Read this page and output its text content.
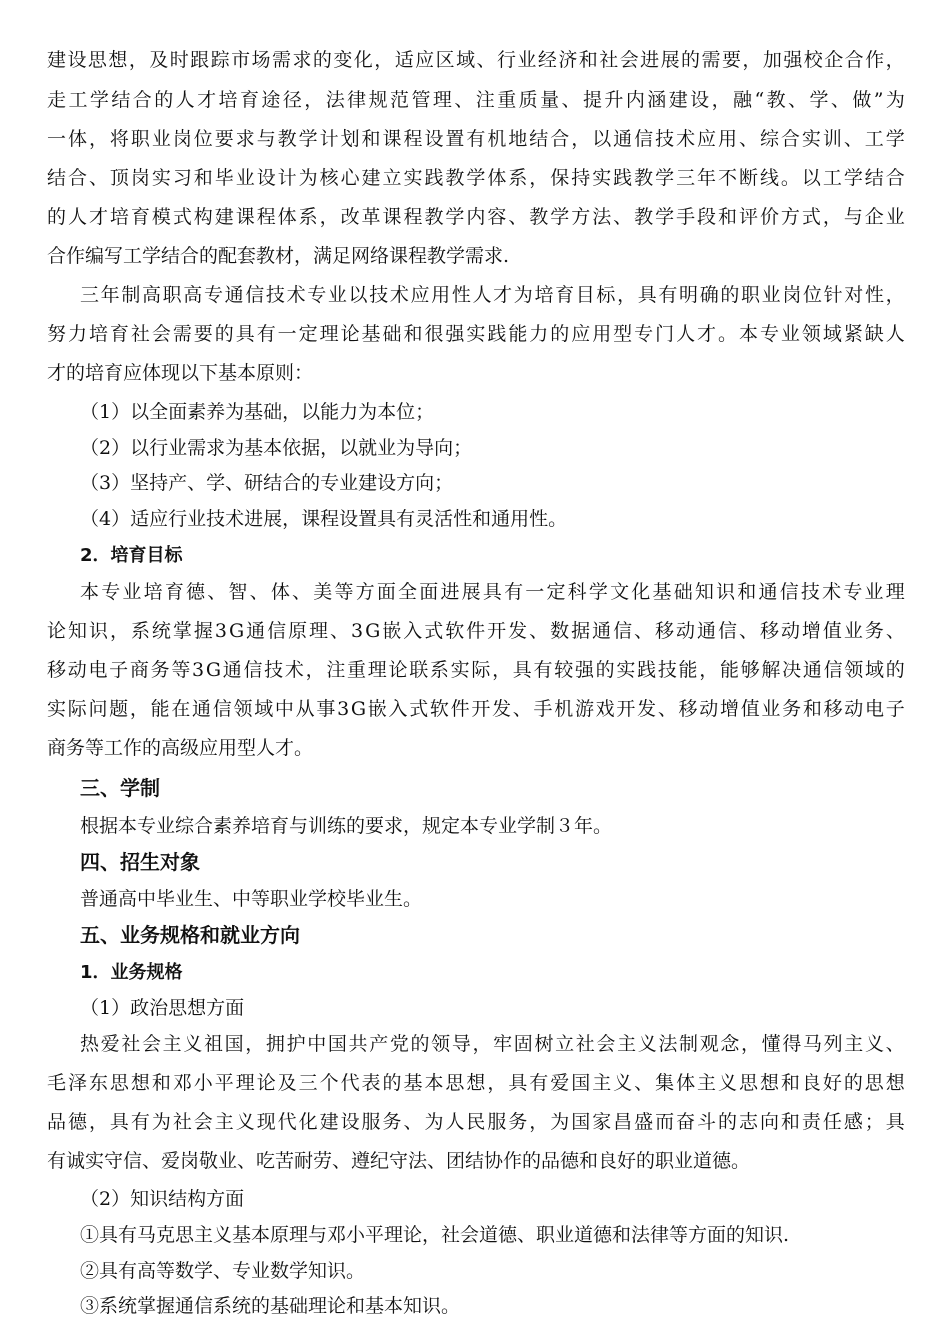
建 设 思 想 ， 及 时 跟 踪 市 场 需 求 的 变 化 ， 适 应 区 域 、 行 业 经 济 和 社 会 进 展 的 需 要 ， 加 强 校 企 合 作 ，
走 工 学 结 合 的 人 才 培 育 途 径 ， 法 律 规 范 管 理 、 注 重 质 量 、 提 升 内 涵 建 设 ， 融 “ 教 、 学 、 做 ” 为
一 体 ， 将 职 业 岗 位 要 求 与 教 学 计 划 和 课 程 设 置 有 机 地 结 合 ， 以 通 信 技 术 应 用 、 综 合 实 训 、 工 学
结 合 、 顶 岗 实 习 和 毕 业 设 计 为 核 心 建 立 实 践 教 学 体 系 ， 保 持 实 践 教 学 三 年 不 断 线 。 以 工 学 结 合
的 人 才 培 育 模 式 构 建 课 程 体 系 ， 改 革 课 程 教 学 内 容 、 教 学 方 法 、 教 学 手 段 和 评 价 方 式 ， 与 企 业
合作编写工学结合的配套教材，满足网络课程教学需求.
三 年 制 高 职 高 专 通 信 技 术 专 业 以 技 术 应 用 性 人 才 为 培 育 目 标 ， 具 有 明 确 的 职 业 岗 位 针 对 性 ，
努 力 培 育 社 会 需 要 的 具 有 一 定 理 论 基 础 和 很 强 实 践 能 力 的 应 用 型 专 门 人 才 。 本 专 业 领 域 紧 缺 人
才的培育应体现以下基本原则：
（1）以全面素养为基础，以能力为本位；
（2）以行业需求为基本依据，以就业为导向；
（3）坚持产、学、研结合的专业建设方向；
（4）适应行业技术进展，课程设置具有灵活性和通用性。
2．培育目标
本 专 业 培 育 德 、 智 、 体 、 美 等 方 面 全 面 进 展 具 有 一 定 科 学 文 化 基 础 知 识 和 通 信 技 术 专 业 理
论 知 识 ， 系 统 掌 握 3 G 通 信 原 理 、 3 G 嵌 入 式 软 件 开 发 、 数 据 通 信 、 移 动 通 信 、 移 动 增 值 业 务 、
移 动 电 子 商 务 等 3 G 通 信 技 术 ， 注 重 理 论 联 系 实 际 ， 具 有 较 强 的 实 践 技 能 ， 能 够 解 决 通 信 领 域 的
实 际 问 题 ， 能 在 通 信 领 域 中 从 事 3 G 嵌 入 式 软 件 开 发 、 手 机 游 戏 开 发 、 移 动 增 值 业 务 和 移 动 电 子
商务等工作的高级应用型人才。
三、学制
根据本专业综合素养培育与训练的要求，规定本专业学制３年。
四、招生对象
普通高中毕业生、中等职业学校毕业生。
五、业务规格和就业方向
1．业务规格
（1）政治思想方面
热 爱 社 会 主 义 祖 国 ， 拥 护 中 国 共 产 党 的 领 导 ， 牢 固 树 立 社 会 主 义 法 制 观 念 ， 懂 得 马 列 主 义 、
毛 泽 东 思 想 和 邓 小 平 理 论 及 三 个 代 表 的 基 本 思 想 ， 具 有 爱 国 主 义 、 集 体 主 义 思 想 和 良 好 的 思 想
品 德 ， 具 有 为 社 会 主 义 现 代 化 建 设 服 务 、 为 人 民 服 务 ， 为 国 家 昌 盛 而 奋 斗 的 志 向 和 责 任 感 ； 具
有诚实守信、爱岗敬业、吃苦耐劳、遵纪守法、团结协作的品德和良好的职业道德。
（2）知识结构方面
①具有马克思主义基本原理与邓小平理论，社会道德、职业道德和法律等方面的知识.
②具有高等数学、专业数学知识。
③系统掌握通信系统的基础理论和基本知识。
